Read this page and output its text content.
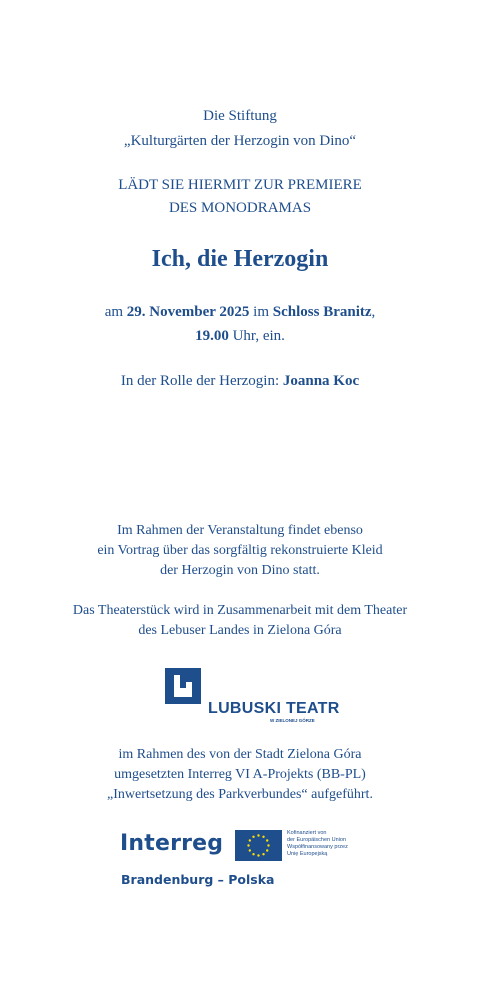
Die Stiftung
„Kulturgärten der Herzogin von Dino“
LÄDT SIE HIERMIT ZUR PREMIERE
DES MONODRAMAS
Ich, die Herzogin
am 29. November 2025 im Schloss Branitz,
19.00 Uhr, ein.
In der Rolle der Herzogin: Joanna Koc
Im Rahmen der Veranstaltung findet ebenso
ein Vortrag über das sorgfältig rekonstruierte Kleid
der Herzogin von Dino statt.
Das Theaterstück wird in Zusammenarbeit mit dem Theater
des Lebuser Landes in Zielona Góra
LUBUSKI TEATR
W ZIELONEJ GÓRZE
im Rahmen des von der Stadt Zielona Góra
umgesetzten Interreg VI A-Projekts (BB-PL)
„Inwertsetzung des Parkverbundes“ aufgeführt.
Interreg	Kofinanziert von
der Europäischen Union
Współfinansowany przez
Unię Europejską
Brandenburg – Polska
